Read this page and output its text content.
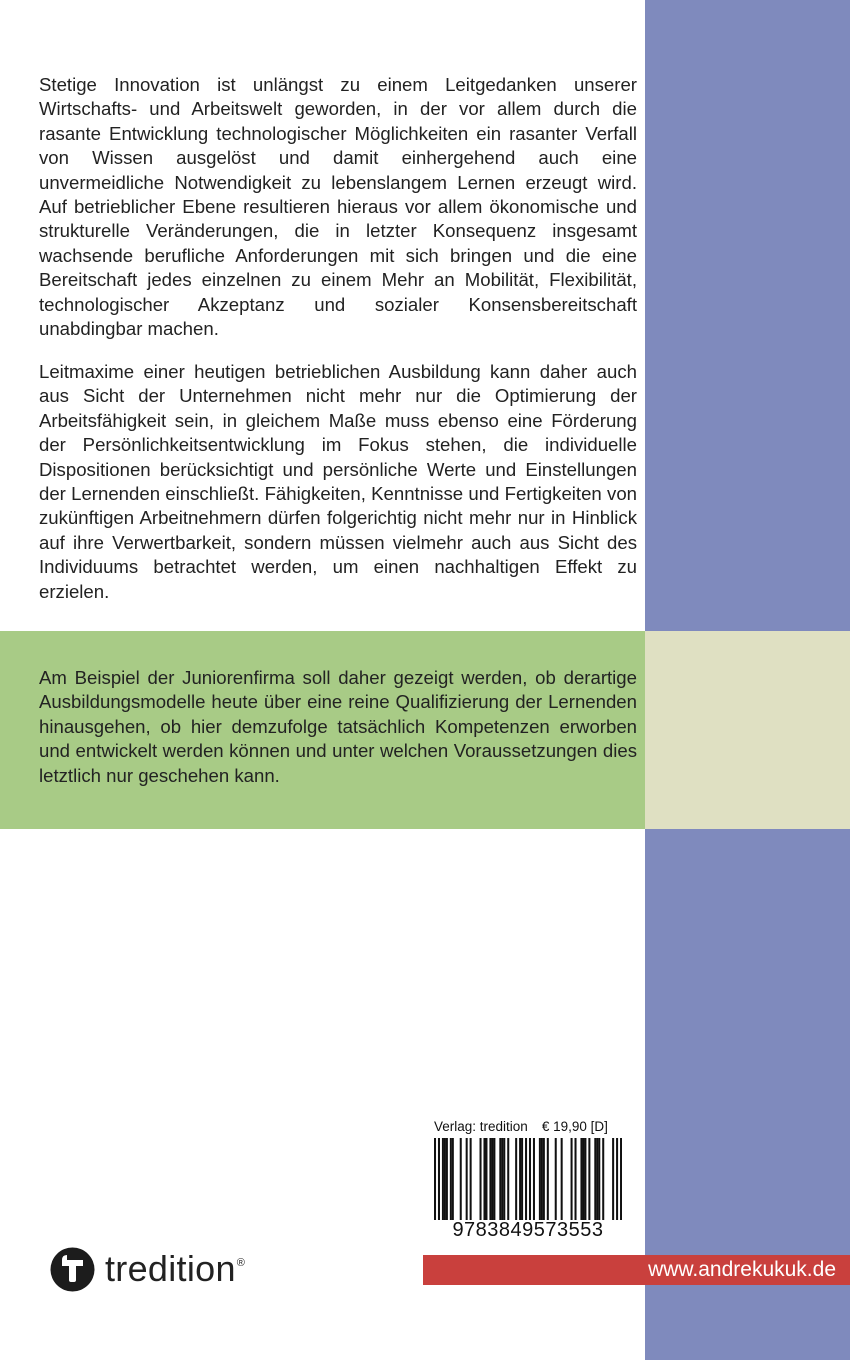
Stetige Innovation ist unlängst zu einem Leitgedanken unserer Wirtschafts- und Arbeitswelt geworden, in der vor allem durch die rasante Entwicklung technologischer Möglichkeiten ein rasanter Verfall von Wissen ausgelöst und damit einhergehend auch eine unvermeidliche Notwendigkeit zu lebenslangem Lernen erzeugt wird. Auf betrieblicher Ebene resultieren hieraus vor allem ökonomische und strukturelle Veränderungen, die in letzter Konsequenz insgesamt wachsende berufliche Anforderungen mit sich bringen und die eine Bereitschaft jedes einzelnen zu einem Mehr an Mobilität, Flexibilität, technologischer Akzeptanz und sozialer Konsensbereitschaft unabdingbar machen.

Leitmaxime einer heutigen betrieblichen Ausbildung kann daher auch aus Sicht der Unternehmen nicht mehr nur die Optimierung der Arbeitsfähigkeit sein, in gleichem Maße muss ebenso eine Förderung der Persönlichkeitsentwicklung im Fokus stehen, die individuelle Dispositionen berücksichtigt und persönliche Werte und Einstellungen der Lernenden einschließt. Fähigkeiten, Kenntnisse und Fertigkeiten von zukünftigen Arbeitnehmern dürfen folgerichtig nicht mehr nur in Hinblick auf ihre Verwertbarkeit, sondern müssen vielmehr auch aus Sicht des Individuums betrachtet werden, um einen nachhaltigen Effekt zu erzielen.

Am Beispiel der Juniorenfirma soll daher gezeigt werden, ob derartige Ausbildungsmodelle heute über eine reine Qualifizierung der Lernenden hinausgehen, ob hier demzufolge tatsächlich Kompetenzen erworben und entwickelt werden können und unter welchen Voraussetzungen dies letztlich nur geschehen kann.

Verlag: tredition € 19,90 [D]
9783849573553
tredition®	www.andrekukuk.de
